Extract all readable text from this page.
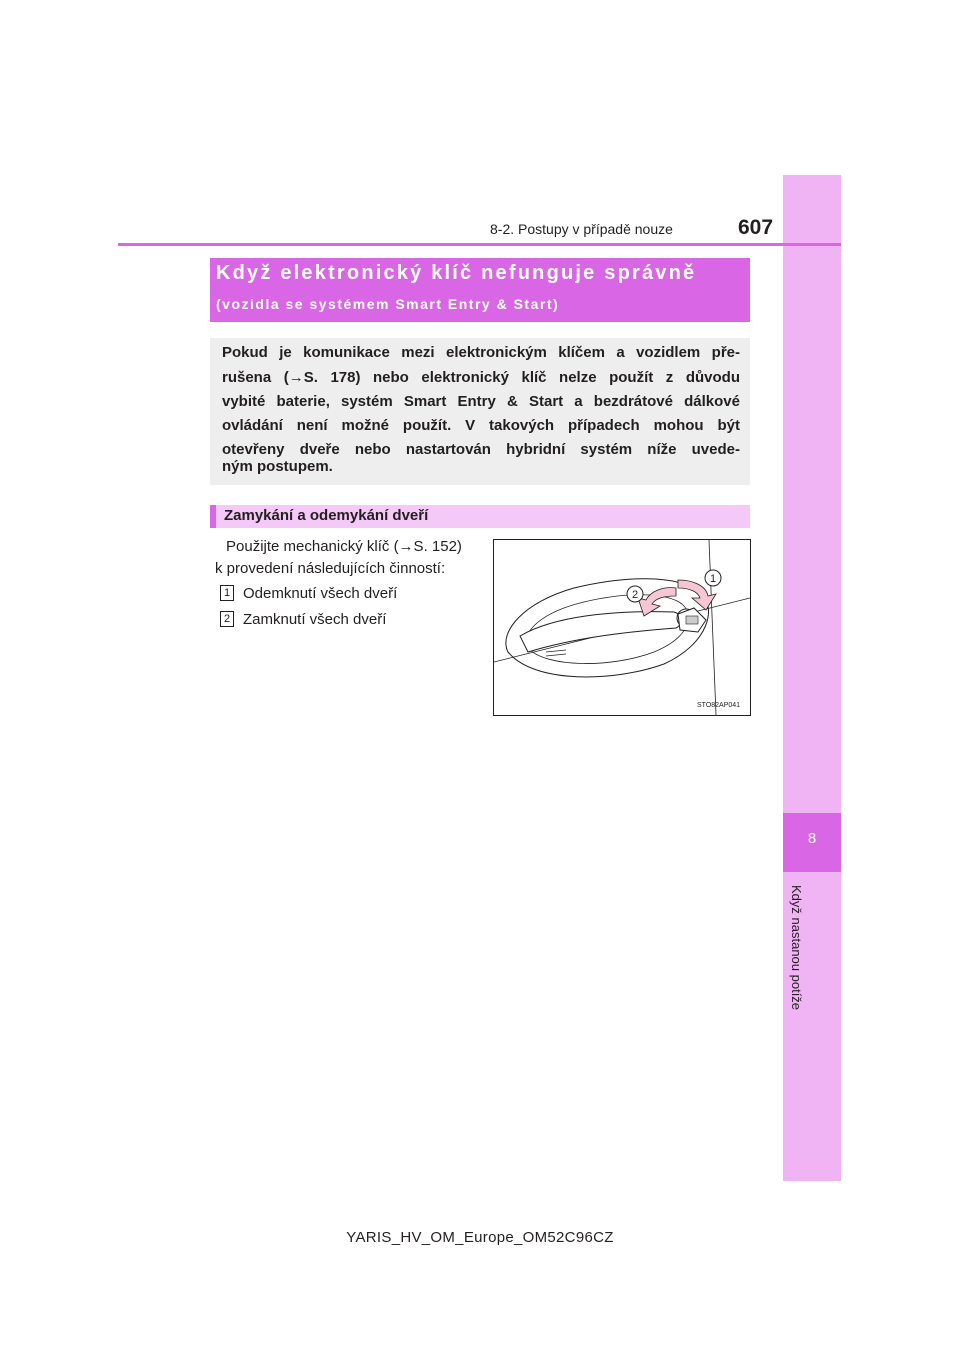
8
Když nastanou potíže
8-2. Postupy v případě nouze	607
Když elektronický klíč nefunguje správně
(vozidla se systémem Smart Entry & Start)
Pokud je komunikace mezi elektronickým klíčem a vozidlem pře-
rušena (→S. 178) nebo elektronický klíč nelze použít z důvodu
vybité baterie, systém Smart Entry & Start a bezdrátové dálkové
ovládání není možné použít. V takových případech mohou být
otevřeny dveře nebo nastartován hybridní systém níže uvede-
ným postupem.
Zamykání a odemykání dveří
Použijte mechanický klíč (→S. 152)
k provedení následujících činností:
1 Odemknutí všech dveří
2 Zamknutí všech dveří
1
2
STO82AP041
YARIS_HV_OM_Europe_OM52C96CZ
